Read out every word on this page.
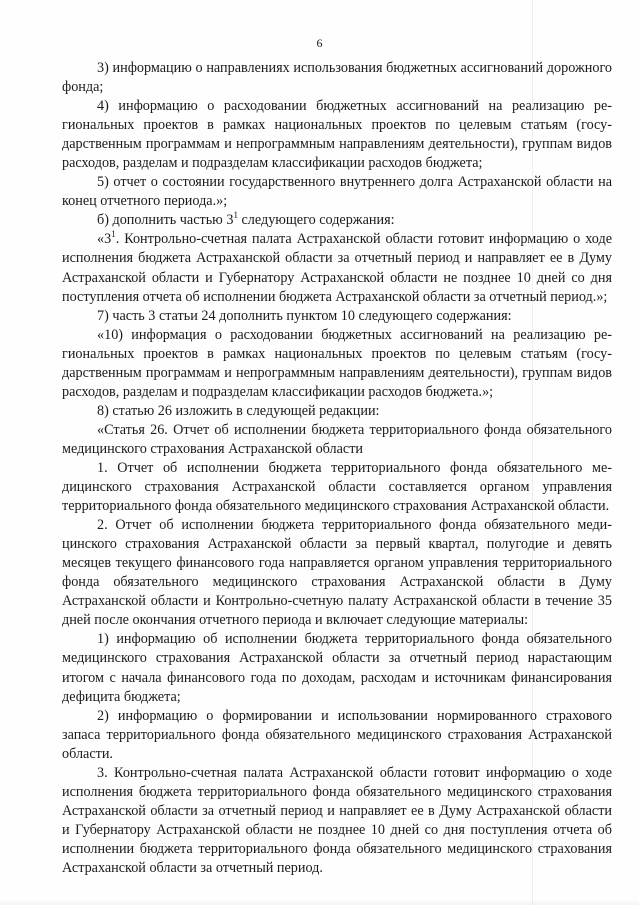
6

3) информацию о направлениях использования бюджетных ассигнований дорожного фонда;

4) информацию о расходовании бюджетных ассигнований на реализацию региональных проектов в рамках национальных проектов по целевым статьям (государственным программам и непрограммным направлениям деятельности), группам видов расходов, разделам и подразделам классификации расходов бюджета;

5) отчет о состоянии государственного внутреннего долга Астраханской области на конец отчетного периода.»;

б) дополнить частью $3^1$ следующего содержания:

«$3^1$. Контрольно-счетная палата Астраханской области готовит информацию о ходе исполнения бюджета Астраханской области за отчетный период и направляет ее в Думу Астраханской области и Губернатору Астраханской области не позднее 10 дней со дня поступления отчета об исполнении бюджета Астраханской области за отчетный период.»;

7) часть 3 статьи 24 дополнить пунктом 10 следующего содержания:

«10) информация о расходовании бюджетных ассигнований на реализацию региональных проектов в рамках национальных проектов по целевым статьям (государственным программам и непрограммным направлениям деятельности), группам видов расходов, разделам и подразделам классификации расходов бюджета.»;

8) статью 26 изложить в следующей редакции:

«Статья 26. Отчет об исполнении бюджета территориального фонда обязательного медицинского страхования Астраханской области

1. Отчет об исполнении бюджета территориального фонда обязательного медицинского страхования Астраханской области составляется органом управления территориального фонда обязательного медицинского страхования Астраханской области.

2. Отчет об исполнении бюджета территориального фонда обязательного медицинского страхования Астраханской области за первый квартал, полугодие и девять месяцев текущего финансового года направляется органом управления территориального фонда обязательного медицинского страхования Астраханской области в Думу Астраханской области и Контрольно-счетную палату Астраханской области в течение 35 дней после окончания отчетного периода и включает следующие материалы:

1) информацию об исполнении бюджета территориального фонда обязательного медицинского страхования Астраханской области за отчетный период нарастающим итогом с начала финансового года по доходам, расходам и источникам финансирования дефицита бюджета;

2) информацию о формировании и использовании нормированного страхового запаса территориального фонда обязательного медицинского страхования Астраханской области.

3. Контрольно-счетная палата Астраханской области готовит информацию о ходе исполнения бюджета территориального фонда обязательного медицинского страхования Астраханской области за отчетный период и направляет ее в Думу Астраханской области и Губернатору Астраханской области не позднее 10 дней со дня поступления отчета об исполнении бюджета территориального фонда обязательного медицинского страхования Астраханской области за отчетный период.
